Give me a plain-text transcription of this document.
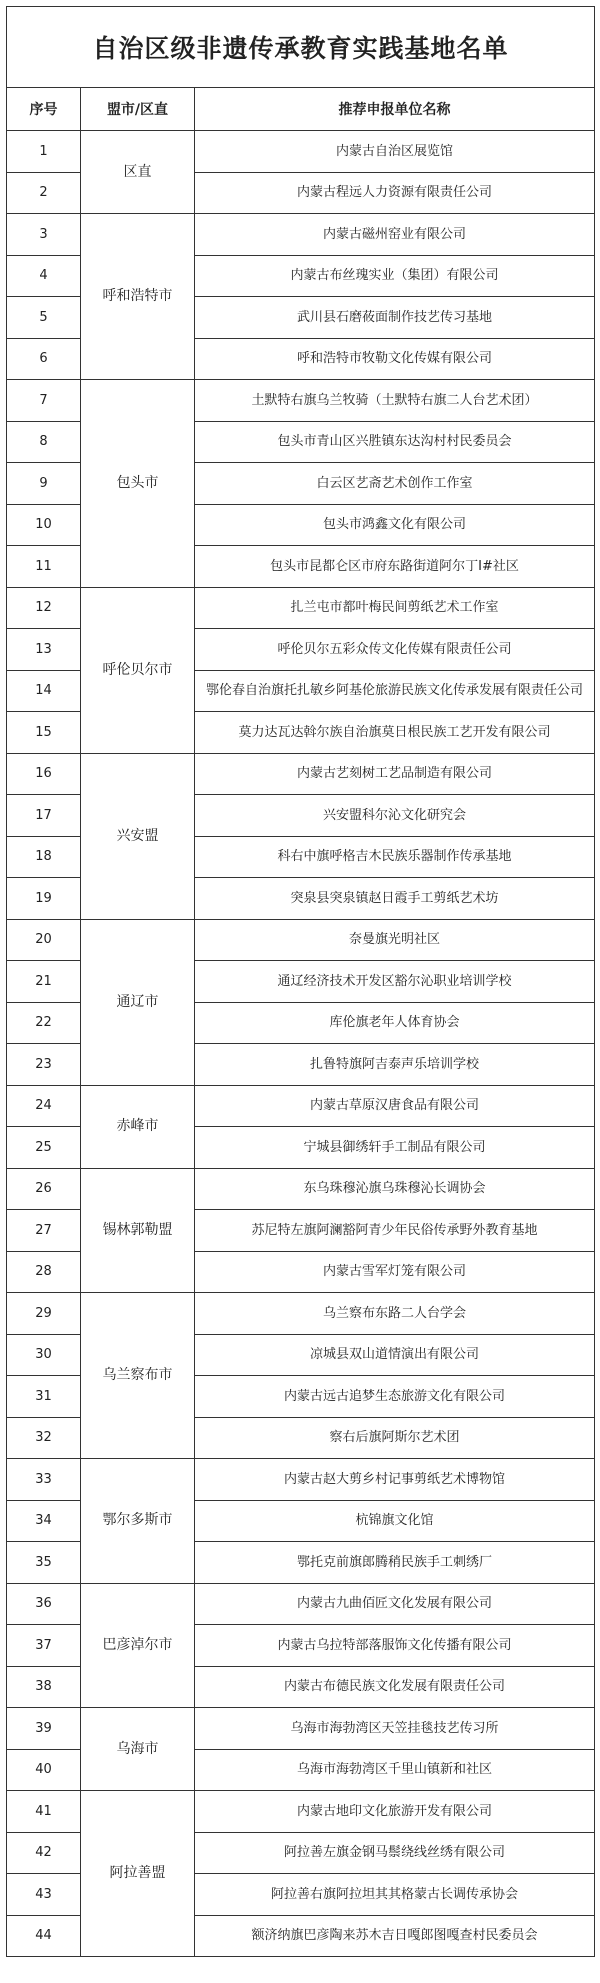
自治区级非遗传承教育实践基地名单		
序号	盟市/区直	推荐申报单位名称
1	区直	内蒙古自治区展览馆
2		内蒙古程远人力资源有限责任公司
3	呼和浩特市	内蒙古磁州窑业有限公司
4		内蒙古布丝瑰实业（集团）有限公司
5		武川县石磨莜面制作技艺传习基地
6		呼和浩特市牧勒文化传媒有限公司
7	包头市	土默特右旗乌兰牧骑（土默特右旗二人台艺术团）
8		包头市青山区兴胜镇东达沟村村民委员会
9		白云区艺斋艺术创作工作室
10		包头市鸿鑫文化有限公司
11		包头市昆都仑区市府东路街道阿尔丁I#社区
12	呼伦贝尔市	扎兰屯市都叶梅民间剪纸艺术工作室
13		呼伦贝尔五彩众传文化传媒有限责任公司
14		鄂伦春自治旗托扎敏乡阿基伦旅游民族文化传承发展有限责任公司
15		莫力达瓦达斡尔族自治旗莫日根民族工艺开发有限公司
16	兴安盟	内蒙古艺刻树工艺品制造有限公司
17		兴安盟科尔沁文化研究会
18		科右中旗呼格吉木民族乐器制作传承基地
19		突泉县突泉镇赵日霞手工剪纸艺术坊
20	通辽市	奈曼旗光明社区
21		通辽经济技术开发区豁尔沁职业培训学校
22		库伦旗老年人体育协会
23		扎鲁特旗阿吉泰声乐培训学校
24	赤峰市	内蒙古草原汉唐食品有限公司
25		宁城县御绣轩手工制品有限公司
26	锡林郭勒盟	东乌珠穆沁旗乌珠穆沁长调协会
27		苏尼特左旗阿澜豁阿青少年民俗传承野外教育基地
28		内蒙古雪军灯笼有限公司
29	乌兰察布市	乌兰察布东路二人台学会
30		凉城县双山道情演出有限公司
31		内蒙古远古追梦生态旅游文化有限公司
32		察右后旗阿斯尔艺术团
33	鄂尔多斯市	内蒙古赵大剪乡村记事剪纸艺术博物馆
34		杭锦旗文化馆
35		鄂托克前旗郎腾稍民族手工刺绣厂
36	巴彦淖尔市	内蒙古九曲佰匠文化发展有限公司
37		内蒙古乌拉特部落服饰文化传播有限公司
38		内蒙古布德民族文化发展有限责任公司
39	乌海市	乌海市海勃湾区天笠挂毯技艺传习所
40		乌海市海勃湾区千里山镇新和社区
41	阿拉善盟	内蒙古地印文化旅游开发有限公司
42		阿拉善左旗金钢马鬃绕线丝绣有限公司
43		阿拉善右旗阿拉坦其其格蒙古长调传承协会
44		额济纳旗巴彦陶来苏木吉日嘎郎图嘎查村民委员会
